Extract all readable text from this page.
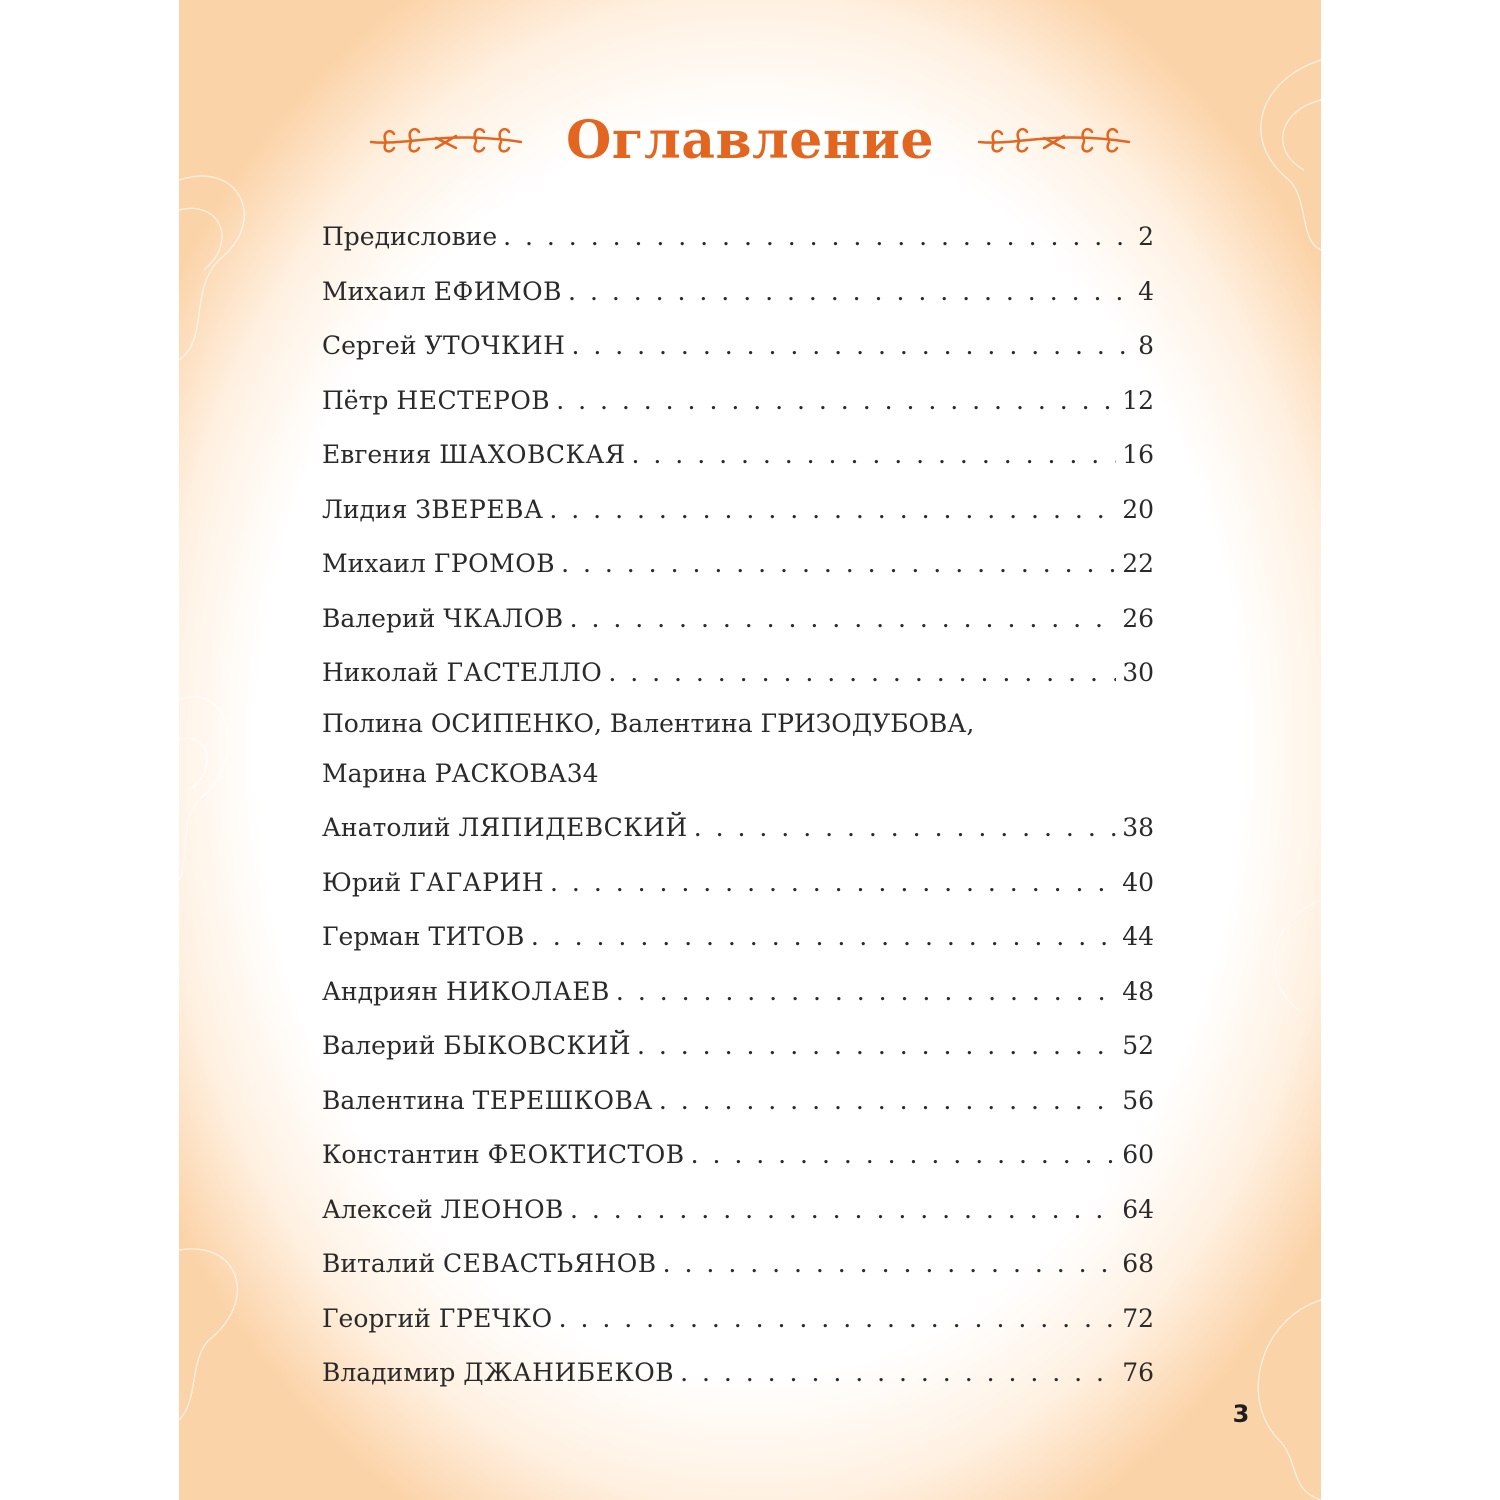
Оглавление
Предисловие . . .	2
Михаил ЕФИМОВ . . .	4
Сергей УТОЧКИН . . .	8
Пётр НЕСТЕРОВ . . .	12
Евгения ШАХОВСКАЯ . . .	16
Лидия ЗВЕРЕВА . . .	20
Михаил ГРОМОВ . . .	22
Валерий ЧКАЛОВ . . .	26
Николай ГАСТЕЛЛО . . .	30
Полина ОСИПЕНКО, Валентина ГРИЗОДУБОВА,
Марина РАСКОВА 34
Анатолий ЛЯПИДЕВСКИЙ . . .	38
Юрий ГАГАРИН . . .	40
Герман ТИТОВ . . .	44
Андриян НИКОЛАЕВ . . .	48
Валерий БЫКОВСКИЙ . . .	52
Валентина ТЕРЕШКОВА . . .	56
Константин ФЕОКТИСТОВ . . .	60
Алексей ЛЕОНОВ . . .	64
Виталий СЕВАСТЬЯНОВ . . .	68
Георгий ГРЕЧКО . . .	72
Владимир ДЖАНИБЕКОВ . . .	76
3
